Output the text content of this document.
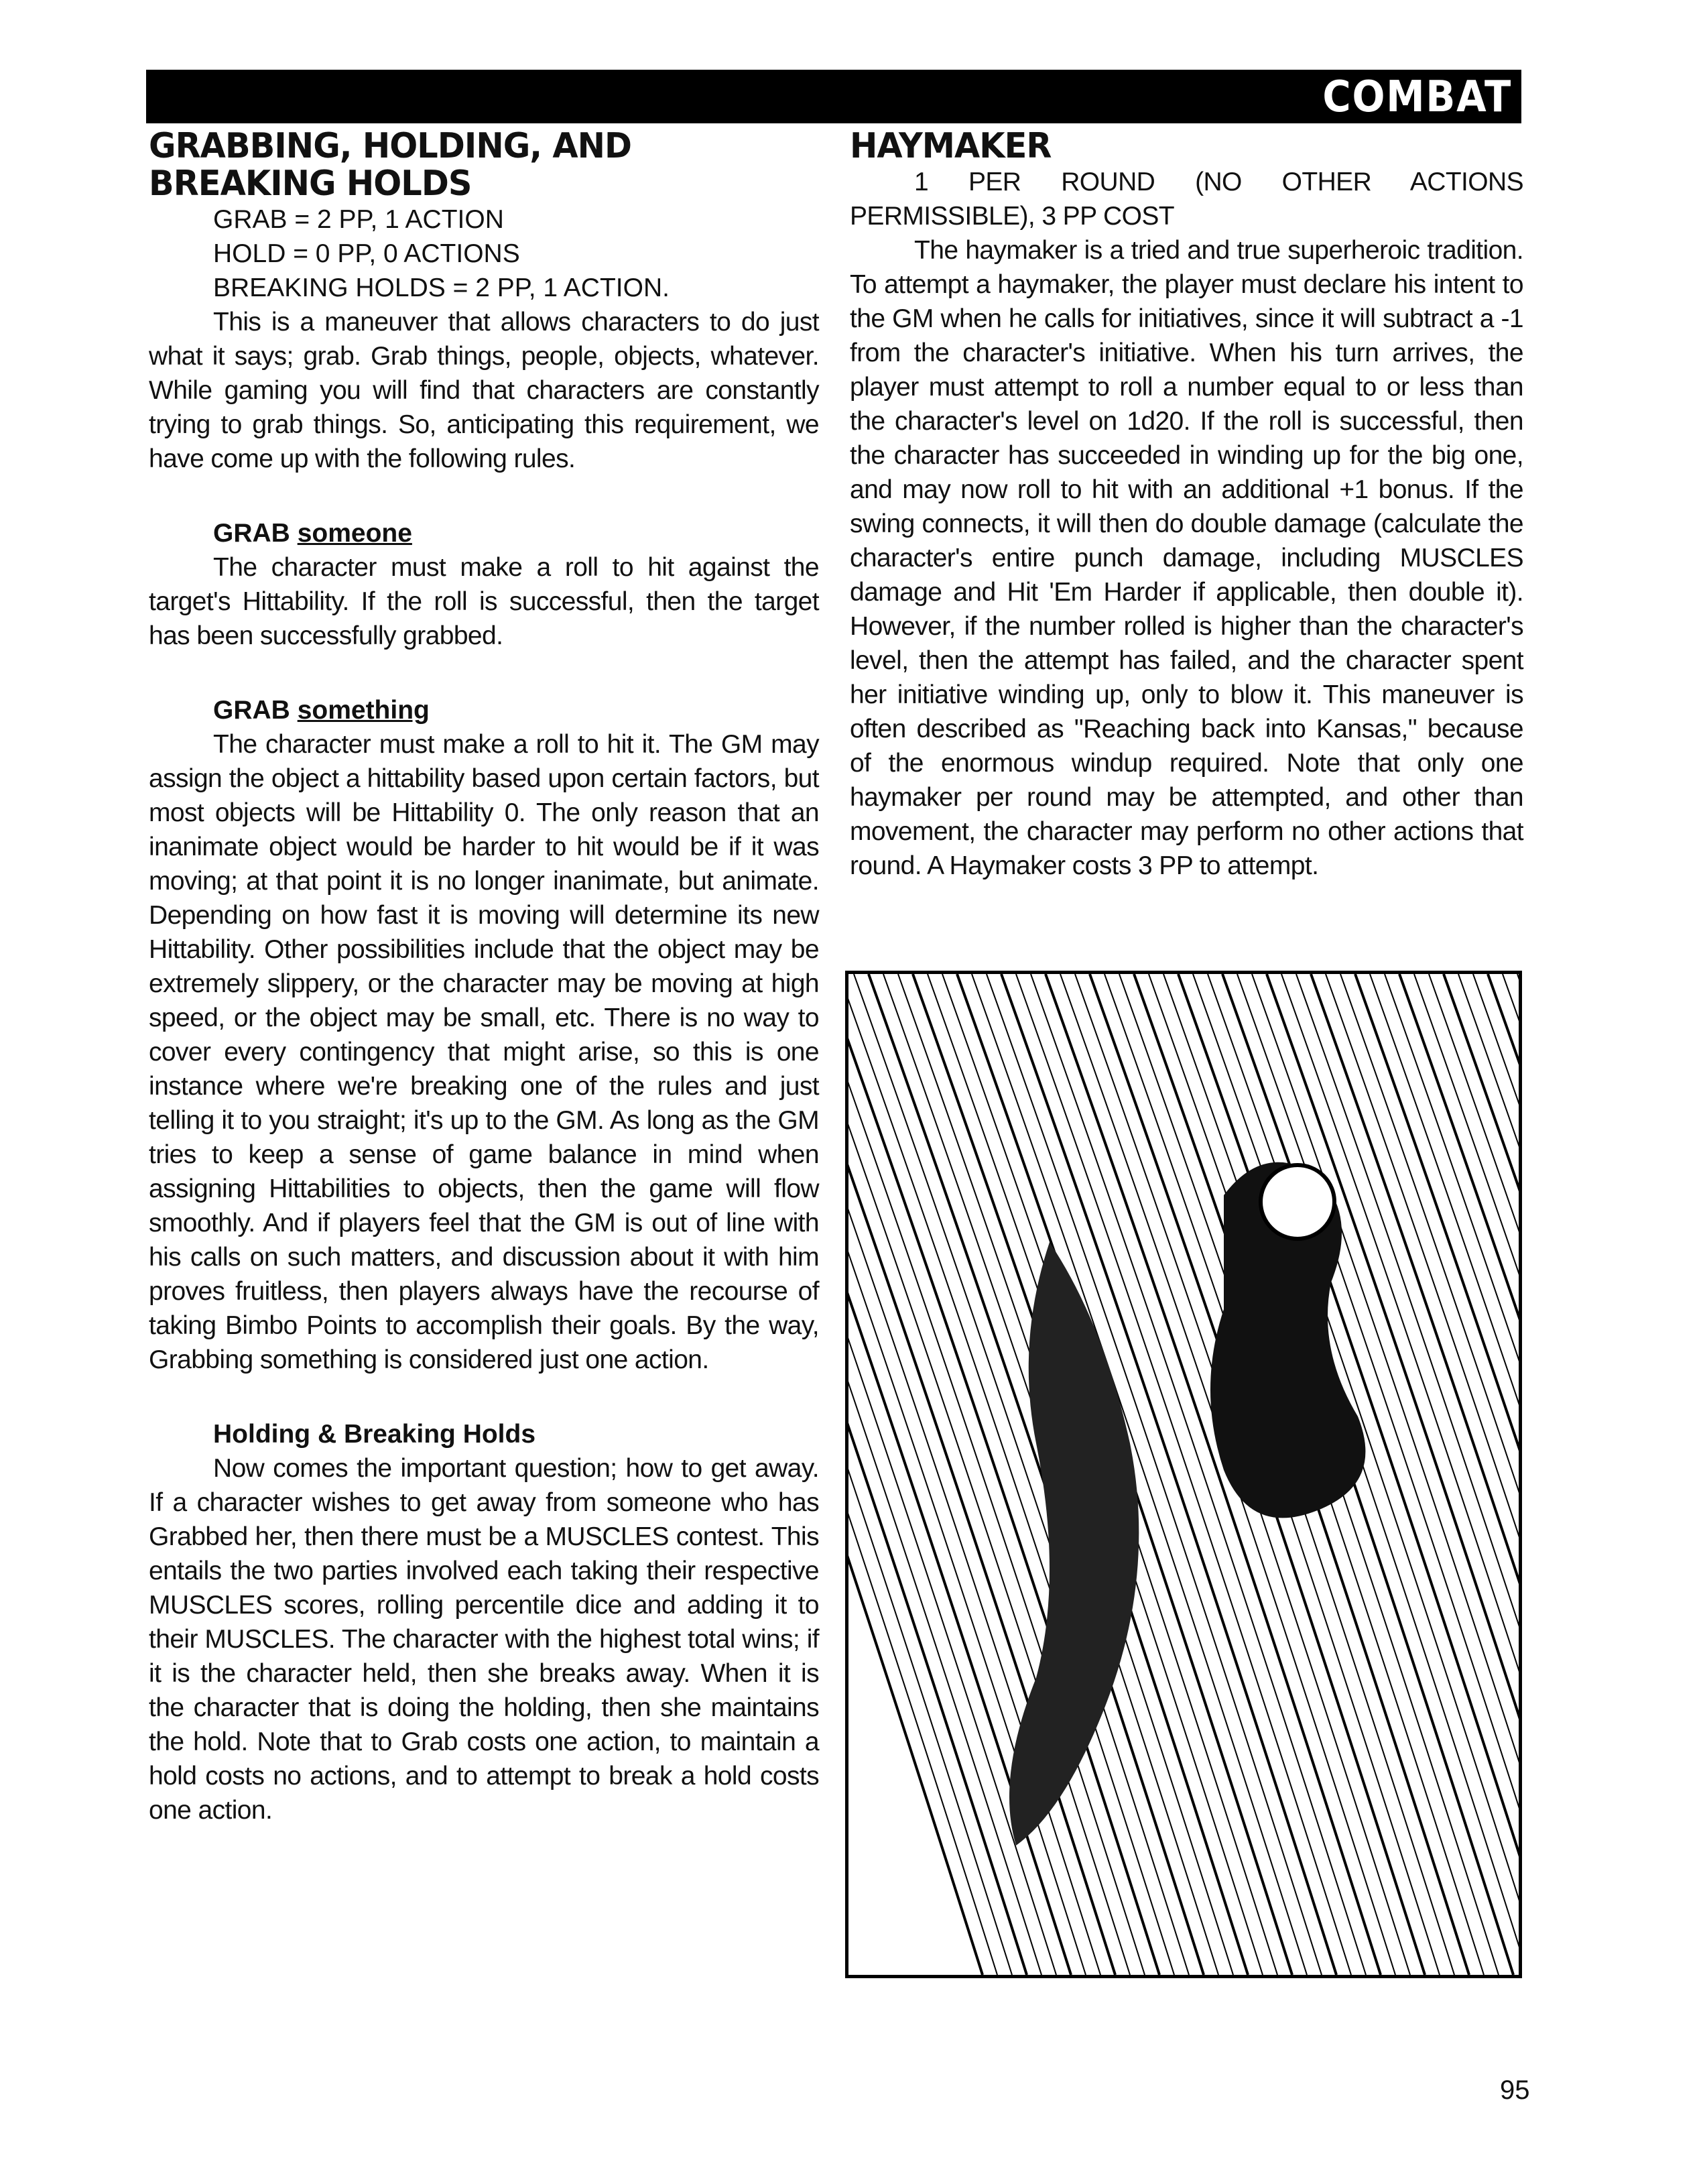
COMBAT
GRABBING, HOLDING, AND BREAKING HOLDS
GRAB = 2 PP, 1 ACTION
HOLD = 0 PP, 0 ACTIONS
BREAKING HOLDS = 2 PP, 1 ACTION.

This is a maneuver that allows characters to do just what it says; grab. Grab things, people, objects, whatever. While gaming you will find that characters are constantly trying to grab things. So, anticipating this requirement, we have come up with the following rules.

GRAB someone

The character must make a roll to hit against the target's Hittability. If the roll is successful, then the target has been successfully grabbed.

GRAB something

The character must make a roll to hit it. The GM may assign the object a hittability based upon certain factors, but most objects will be Hittability 0. The only reason that an inanimate object would be harder to hit would be if it was moving; at that point it is no longer inanimate, but animate. Depending on how fast it is moving will determine its new Hittability. Other possibilities include that the object may be extremely slippery, or the character may be moving at high speed, or the object may be small, etc. There is no way to cover every contingency that might arise, so this is one instance where we're breaking one of the rules and just telling it to you straight; it's up to the GM. As long as the GM tries to keep a sense of game balance in mind when assigning Hittabilities to objects, then the game will flow smoothly. And if players feel that the GM is out of line with his calls on such matters, and discussion about it with him proves fruitless, then players always have the recourse of taking Bimbo Points to accomplish their goals. By the way, Grabbing something is considered just one action.

Holding & Breaking Holds

Now comes the important question; how to get away. If a character wishes to get away from someone who has Grabbed her, then there must be a MUSCLES contest. This entails the two parties involved each taking their respective MUSCLES scores, rolling percentile dice and adding it to their MUSCLES. The character with the highest total wins; if it is the character held, then she breaks away. When it is the character that is doing the holding, then she maintains the hold. Note that to Grab costs one action, to maintain a hold costs no actions, and to attempt to break a hold costs one action.

HAYMAKER

1 PER ROUND (NO OTHER ACTIONS PERMISSIBLE), 3 PP COST

The haymaker is a tried and true superheroic tradition. To attempt a haymaker, the player must declare his intent to the GM when he calls for initiatives, since it will subtract a -1 from the character's initiative. When his turn arrives, the player must attempt to roll a number equal to or less than the character's level on 1d20. If the roll is successful, then the character has succeeded in winding up for the big one, and may now roll to hit with an additional +1 bonus. If the swing connects, it will then do double damage (calculate the character's entire punch damage, including MUSCLES damage and Hit 'Em Harder if applicable, then double it). However, if the number rolled is higher than the character's level, then the attempt has failed, and the character spent her initiative winding up, only to blow it. This maneuver is often described as "Reaching back into Kansas," because of the enormous windup required. Note that only one haymaker per round may be attempted, and other than movement, the character may perform no other actions that round. A Haymaker costs 3 PP to attempt.

95
